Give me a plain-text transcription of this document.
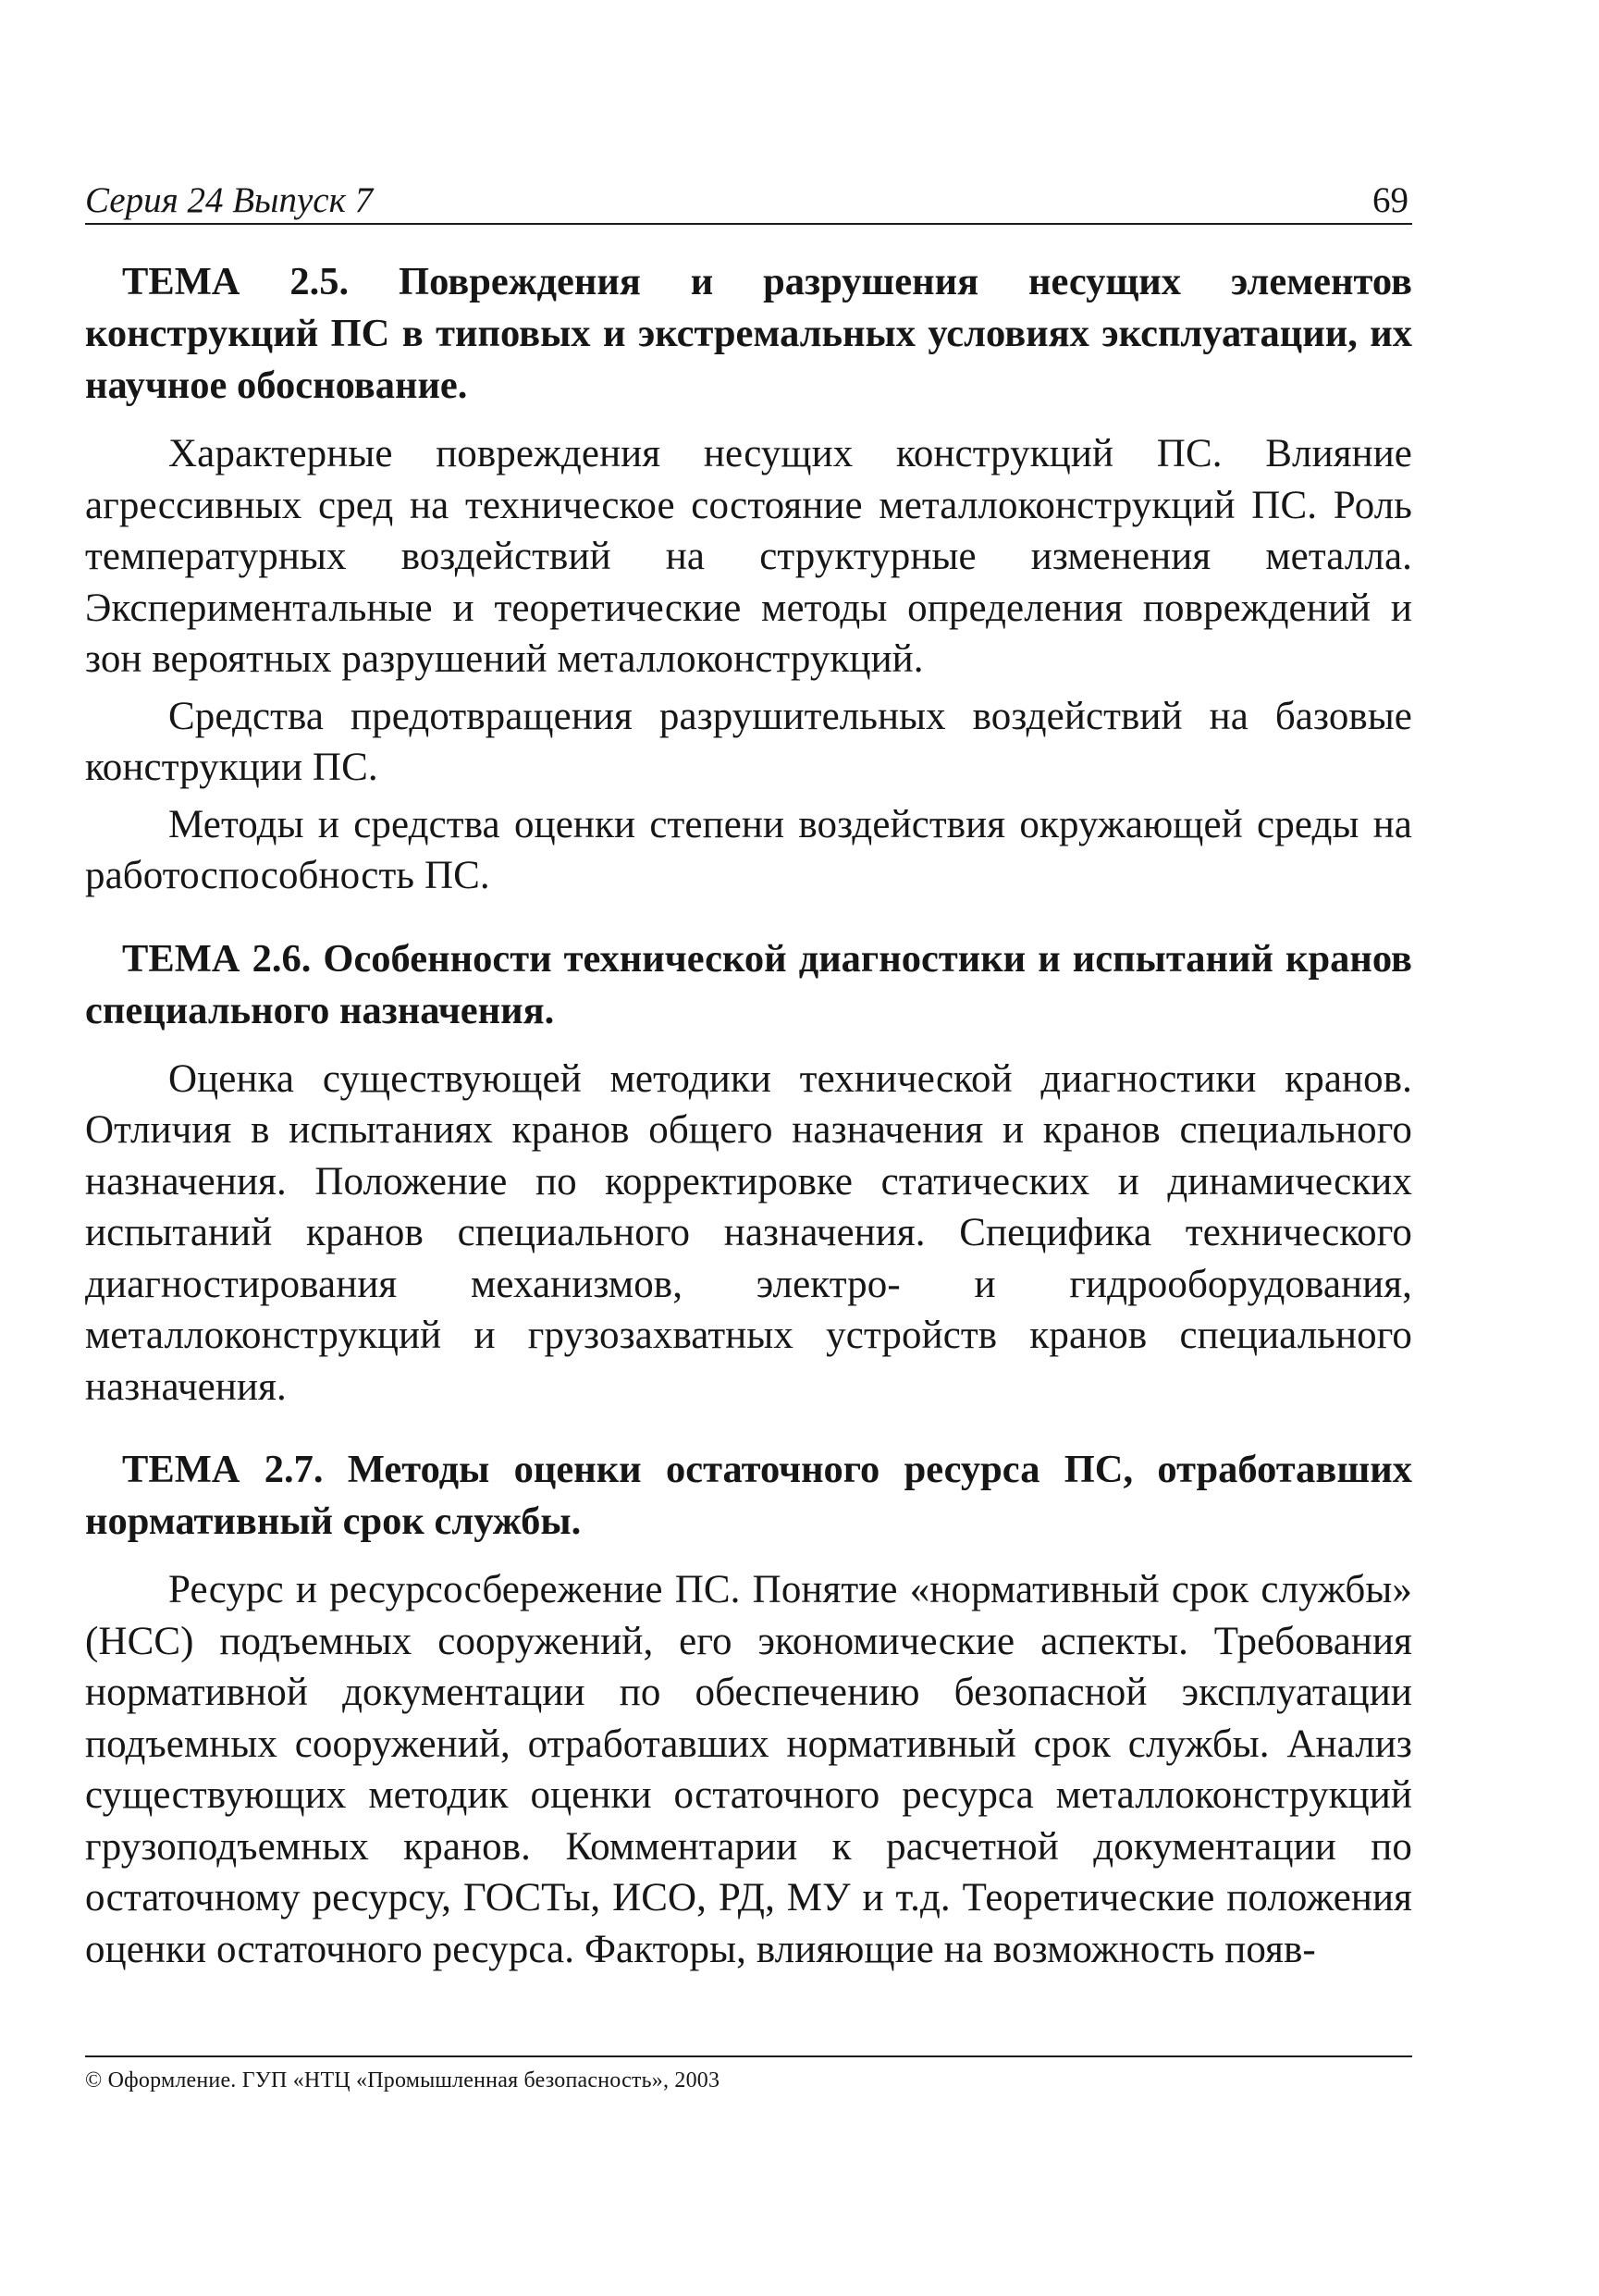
Серия 24 Выпуск 7	69

ТЕМА 2.5. Повреждения и разрушения несущих элементов конструкций ПС в типовых и экстремальных условиях эксплуатации, их научное обоснование.

Характерные повреждения несущих конструкций ПС. Влияние агрессивных сред на техническое состояние металлоконструкций ПС. Роль температурных воздействий на структурные изменения металла. Экспериментальные и теоретические методы определения повреждений и зон вероятных разрушений металлоконструкций.

Средства предотвращения разрушительных воздействий на базовые конструкции ПС.

Методы и средства оценки степени воздействия окружающей среды на работоспособность ПС.

ТЕМА 2.6. Особенности технической диагностики и испытаний кранов специального назначения.

Оценка существующей методики технической диагностики кранов. Отличия в испытаниях кранов общего назначения и кранов специального назначения. Положение по корректировке статических и динамических испытаний кранов специального назначения. Специфика технического диагностирования механизмов, электро- и гидрооборудования, металлоконструкций и грузозахватных устройств кранов специального назначения.

ТЕМА 2.7. Методы оценки остаточного ресурса ПС, отработавших нормативный срок службы.

Ресурс и ресурсосбережение ПС. Понятие «нормативный срок службы» (НСС) подъемных сооружений, его экономические аспекты. Требования нормативной документации по обеспечению безопасной эксплуатации подъемных сооружений, отработавших нормативный срок службы. Анализ существующих методик оценки остаточного ресурса металлоконструкций грузоподъемных кранов. Комментарии к расчетной документации по остаточному ресурсу, ГОСТы, ИСО, РД, МУ и т.д. Теоретические положения оценки остаточного ресурса. Факторы, влияющие на возможность появ-

© Оформление. ГУП «НТЦ «Промышленная безопасность», 2003
